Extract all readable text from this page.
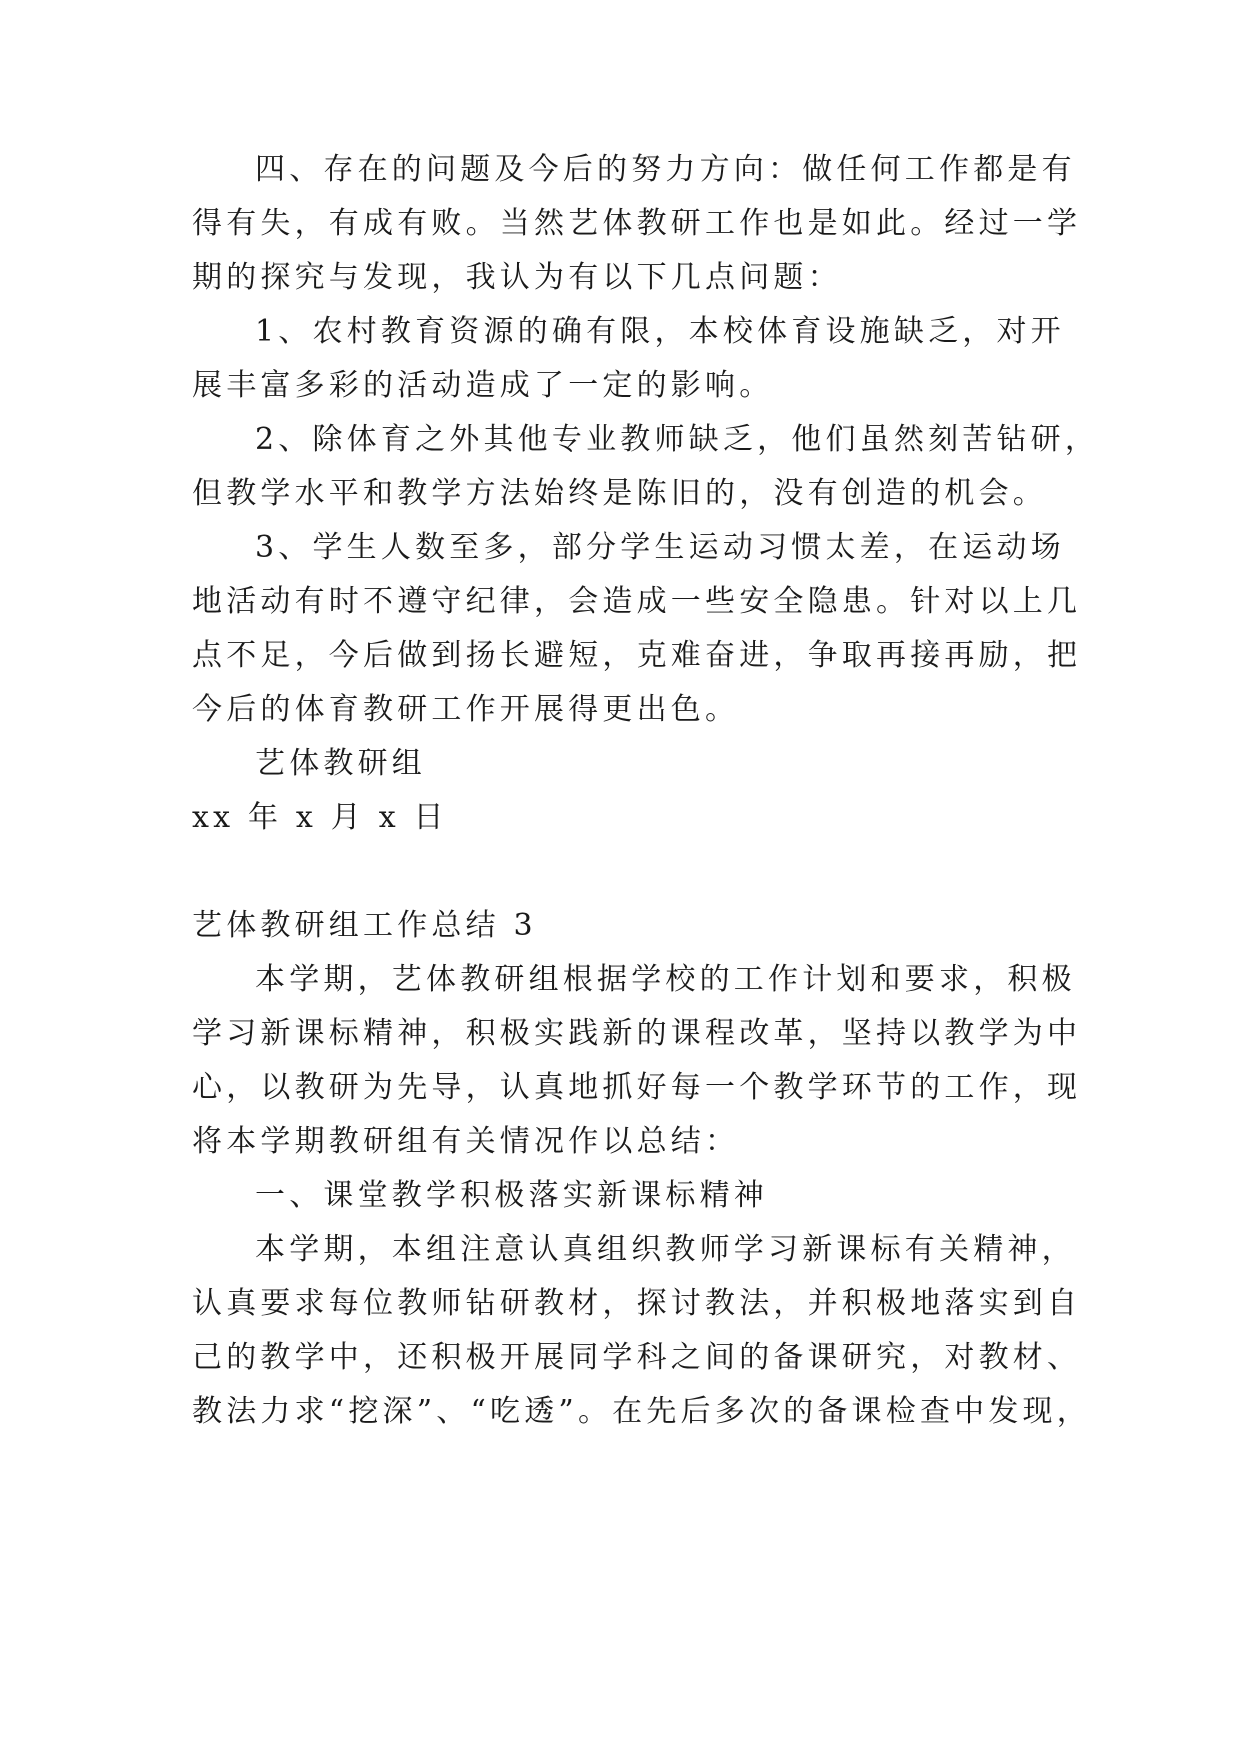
四、存在的问题及今后的努力方向：做任何工作都是有
得有失，有成有败。当然艺体教研工作也是如此。经过一学
期的探究与发现，我认为有以下几点问题：
1、农村教育资源的确有限，本校体育设施缺乏，对开
展丰富多彩的活动造成了一定的影响。
2、除体育之外其他专业教师缺乏，他们虽然刻苦钻研，
但教学水平和教学方法始终是陈旧的，没有创造的机会。
3、学生人数至多，部分学生运动习惯太差，在运动场
地活动有时不遵守纪律，会造成一些安全隐患。针对以上几
点不足，今后做到扬长避短，克难奋进，争取再接再励，把
今后的体育教研工作开展得更出色。
艺体教研组
xx 年 x 月 x 日
艺体教研组工作总结 3
本学期，艺体教研组根据学校的工作计划和要求，积极
学习新课标精神，积极实践新的课程改革，坚持以教学为中
心，以教研为先导，认真地抓好每一个教学环节的工作，现
将本学期教研组有关情况作以总结：
一、课堂教学积极落实新课标精神
本学期，本组注意认真组织教师学习新课标有关精神，
认真要求每位教师钻研教材，探讨教法，并积极地落实到自
己的教学中，还积极开展同学科之间的备课研究，对教材、
教法力求“挖深”、“吃透”。在先后多次的备课检查中发现，
